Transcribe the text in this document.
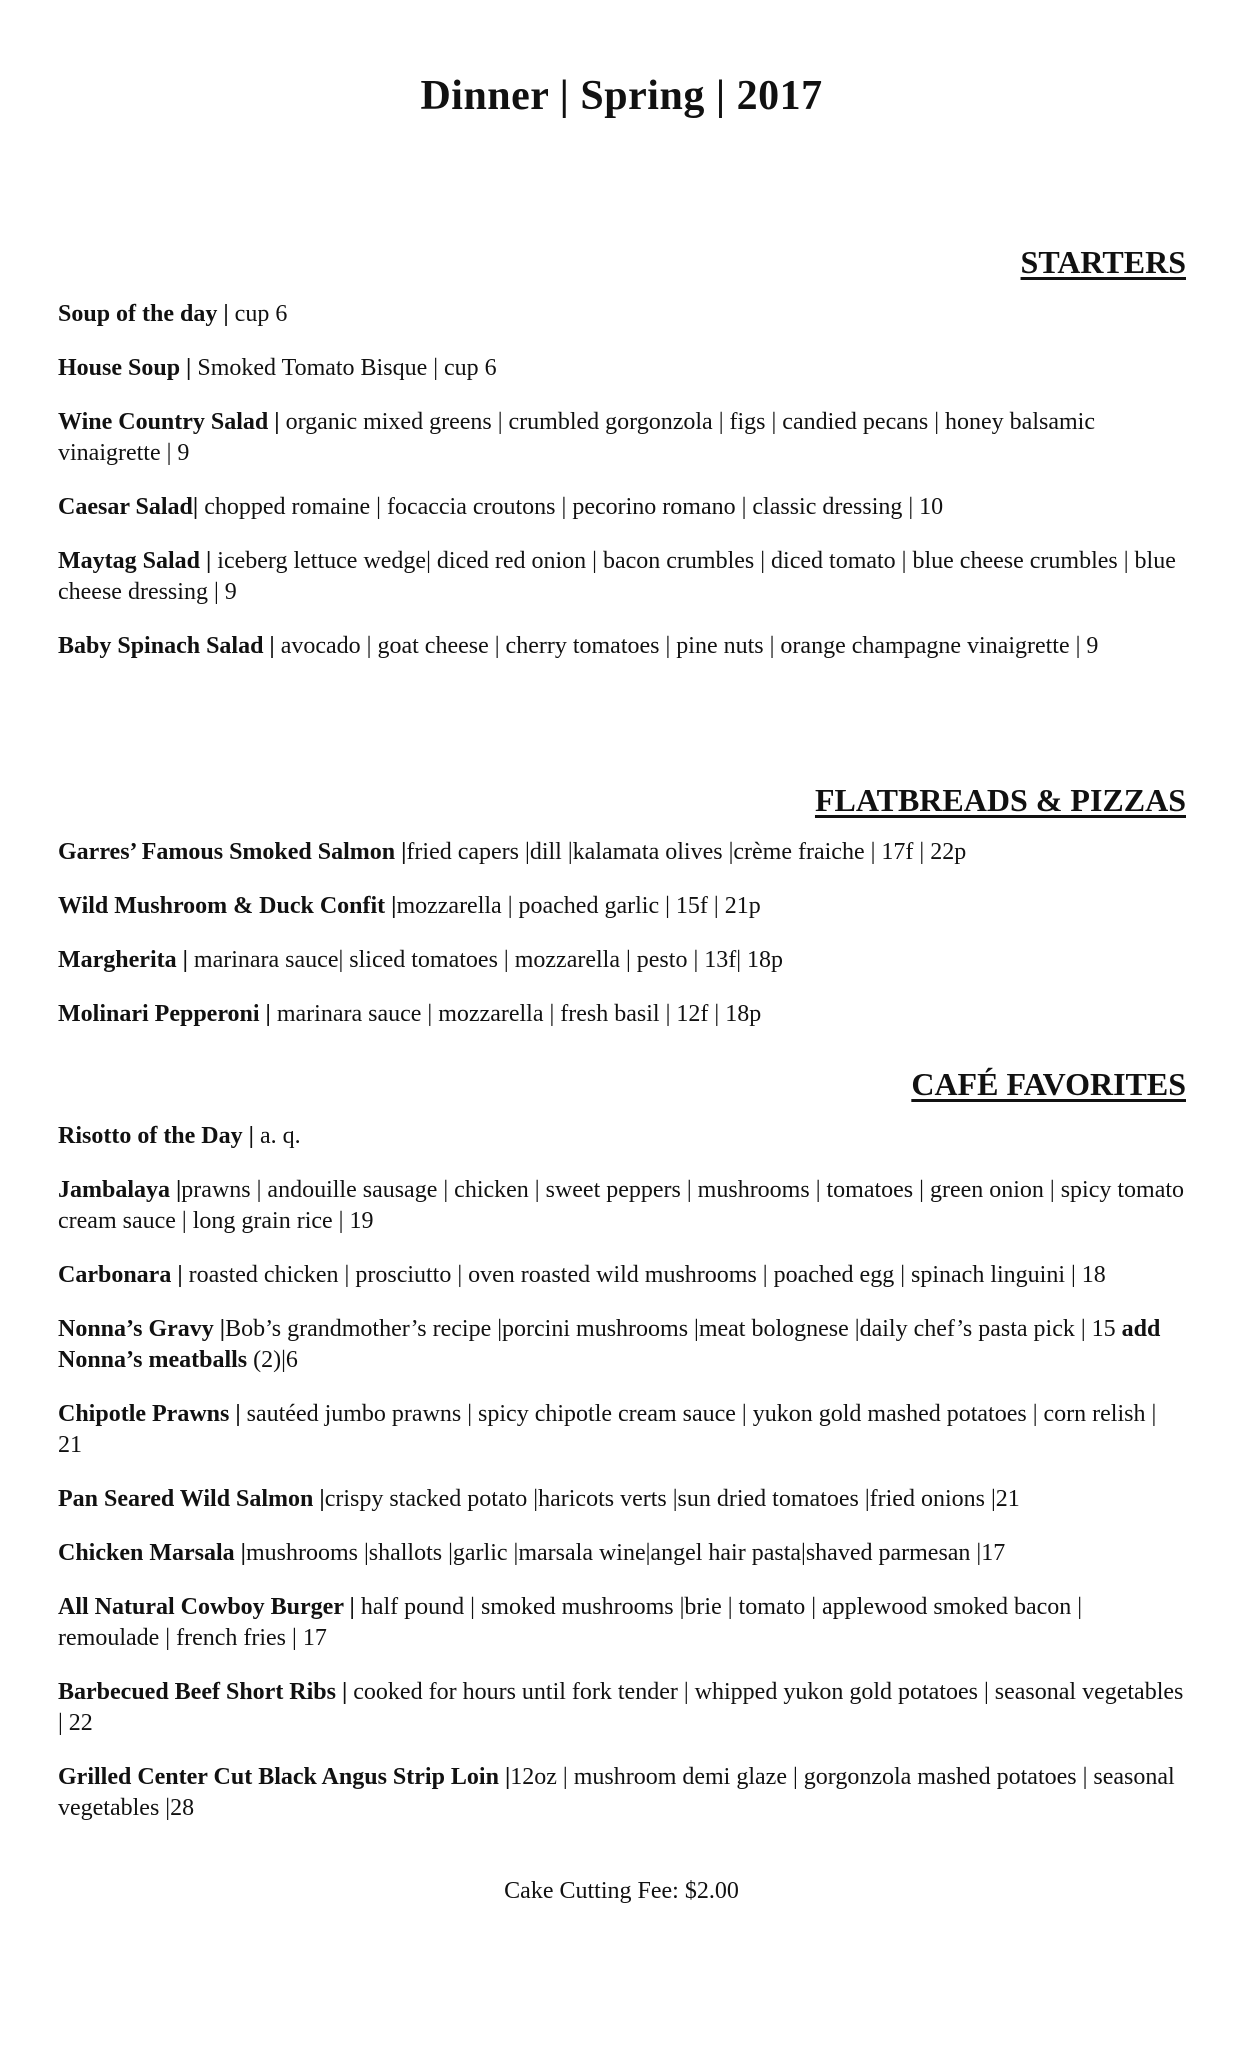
Dinner | Spring | 2017
STARTERS
Soup of the day | cup 6
House Soup | Smoked Tomato Bisque | cup 6
Wine Country Salad | organic mixed greens | crumbled gorgonzola | figs | candied pecans | honey balsamic vinaigrette | 9
Caesar Salad| chopped romaine | focaccia croutons | pecorino romano | classic dressing | 10
Maytag Salad | iceberg lettuce wedge| diced red onion | bacon crumbles | diced tomato | blue cheese crumbles | blue cheese dressing | 9
Baby Spinach Salad | avocado | goat cheese | cherry tomatoes | pine nuts | orange champagne vinaigrette | 9
FLATBREADS & PIZZAS
Garres’ Famous Smoked Salmon |fried capers |dill |kalamata olives |crème fraiche | 17f | 22p
Wild Mushroom & Duck Confit |mozzarella | poached garlic | 15f | 21p
Margherita | marinara sauce| sliced tomatoes | mozzarella | pesto | 13f| 18p
Molinari Pepperoni | marinara sauce | mozzarella | fresh basil | 12f | 18p
CAFÉ FAVORITES
Risotto of the Day | a. q.
Jambalaya |prawns | andouille sausage | chicken | sweet peppers | mushrooms | tomatoes | green onion | spicy tomato cream sauce | long grain rice | 19
Carbonara | roasted chicken | prosciutto | oven roasted wild mushrooms | poached egg | spinach linguini | 18
Nonna’s Gravy |Bob’s grandmother’s recipe |porcini mushrooms |meat bolognese |daily chef’s pasta pick | 15 add Nonna’s meatballs (2)|6
Chipotle Prawns | sautéed jumbo prawns | spicy chipotle cream sauce | yukon gold mashed potatoes | corn relish | 21
Pan Seared Wild Salmon |crispy stacked potato |haricots verts |sun dried tomatoes |fried onions |21
Chicken Marsala |mushrooms |shallots |garlic |marsala wine|angel hair pasta|shaved parmesan |17
All Natural Cowboy Burger | half pound | smoked mushrooms |brie | tomato | applewood smoked bacon | remoulade | french fries | 17
Barbecued Beef Short Ribs | cooked for hours until fork tender | whipped yukon gold potatoes | seasonal vegetables | 22
Grilled Center Cut Black Angus Strip Loin |12oz | mushroom demi glaze | gorgonzola mashed potatoes | seasonal vegetables |28
Cake Cutting Fee: $2.00
